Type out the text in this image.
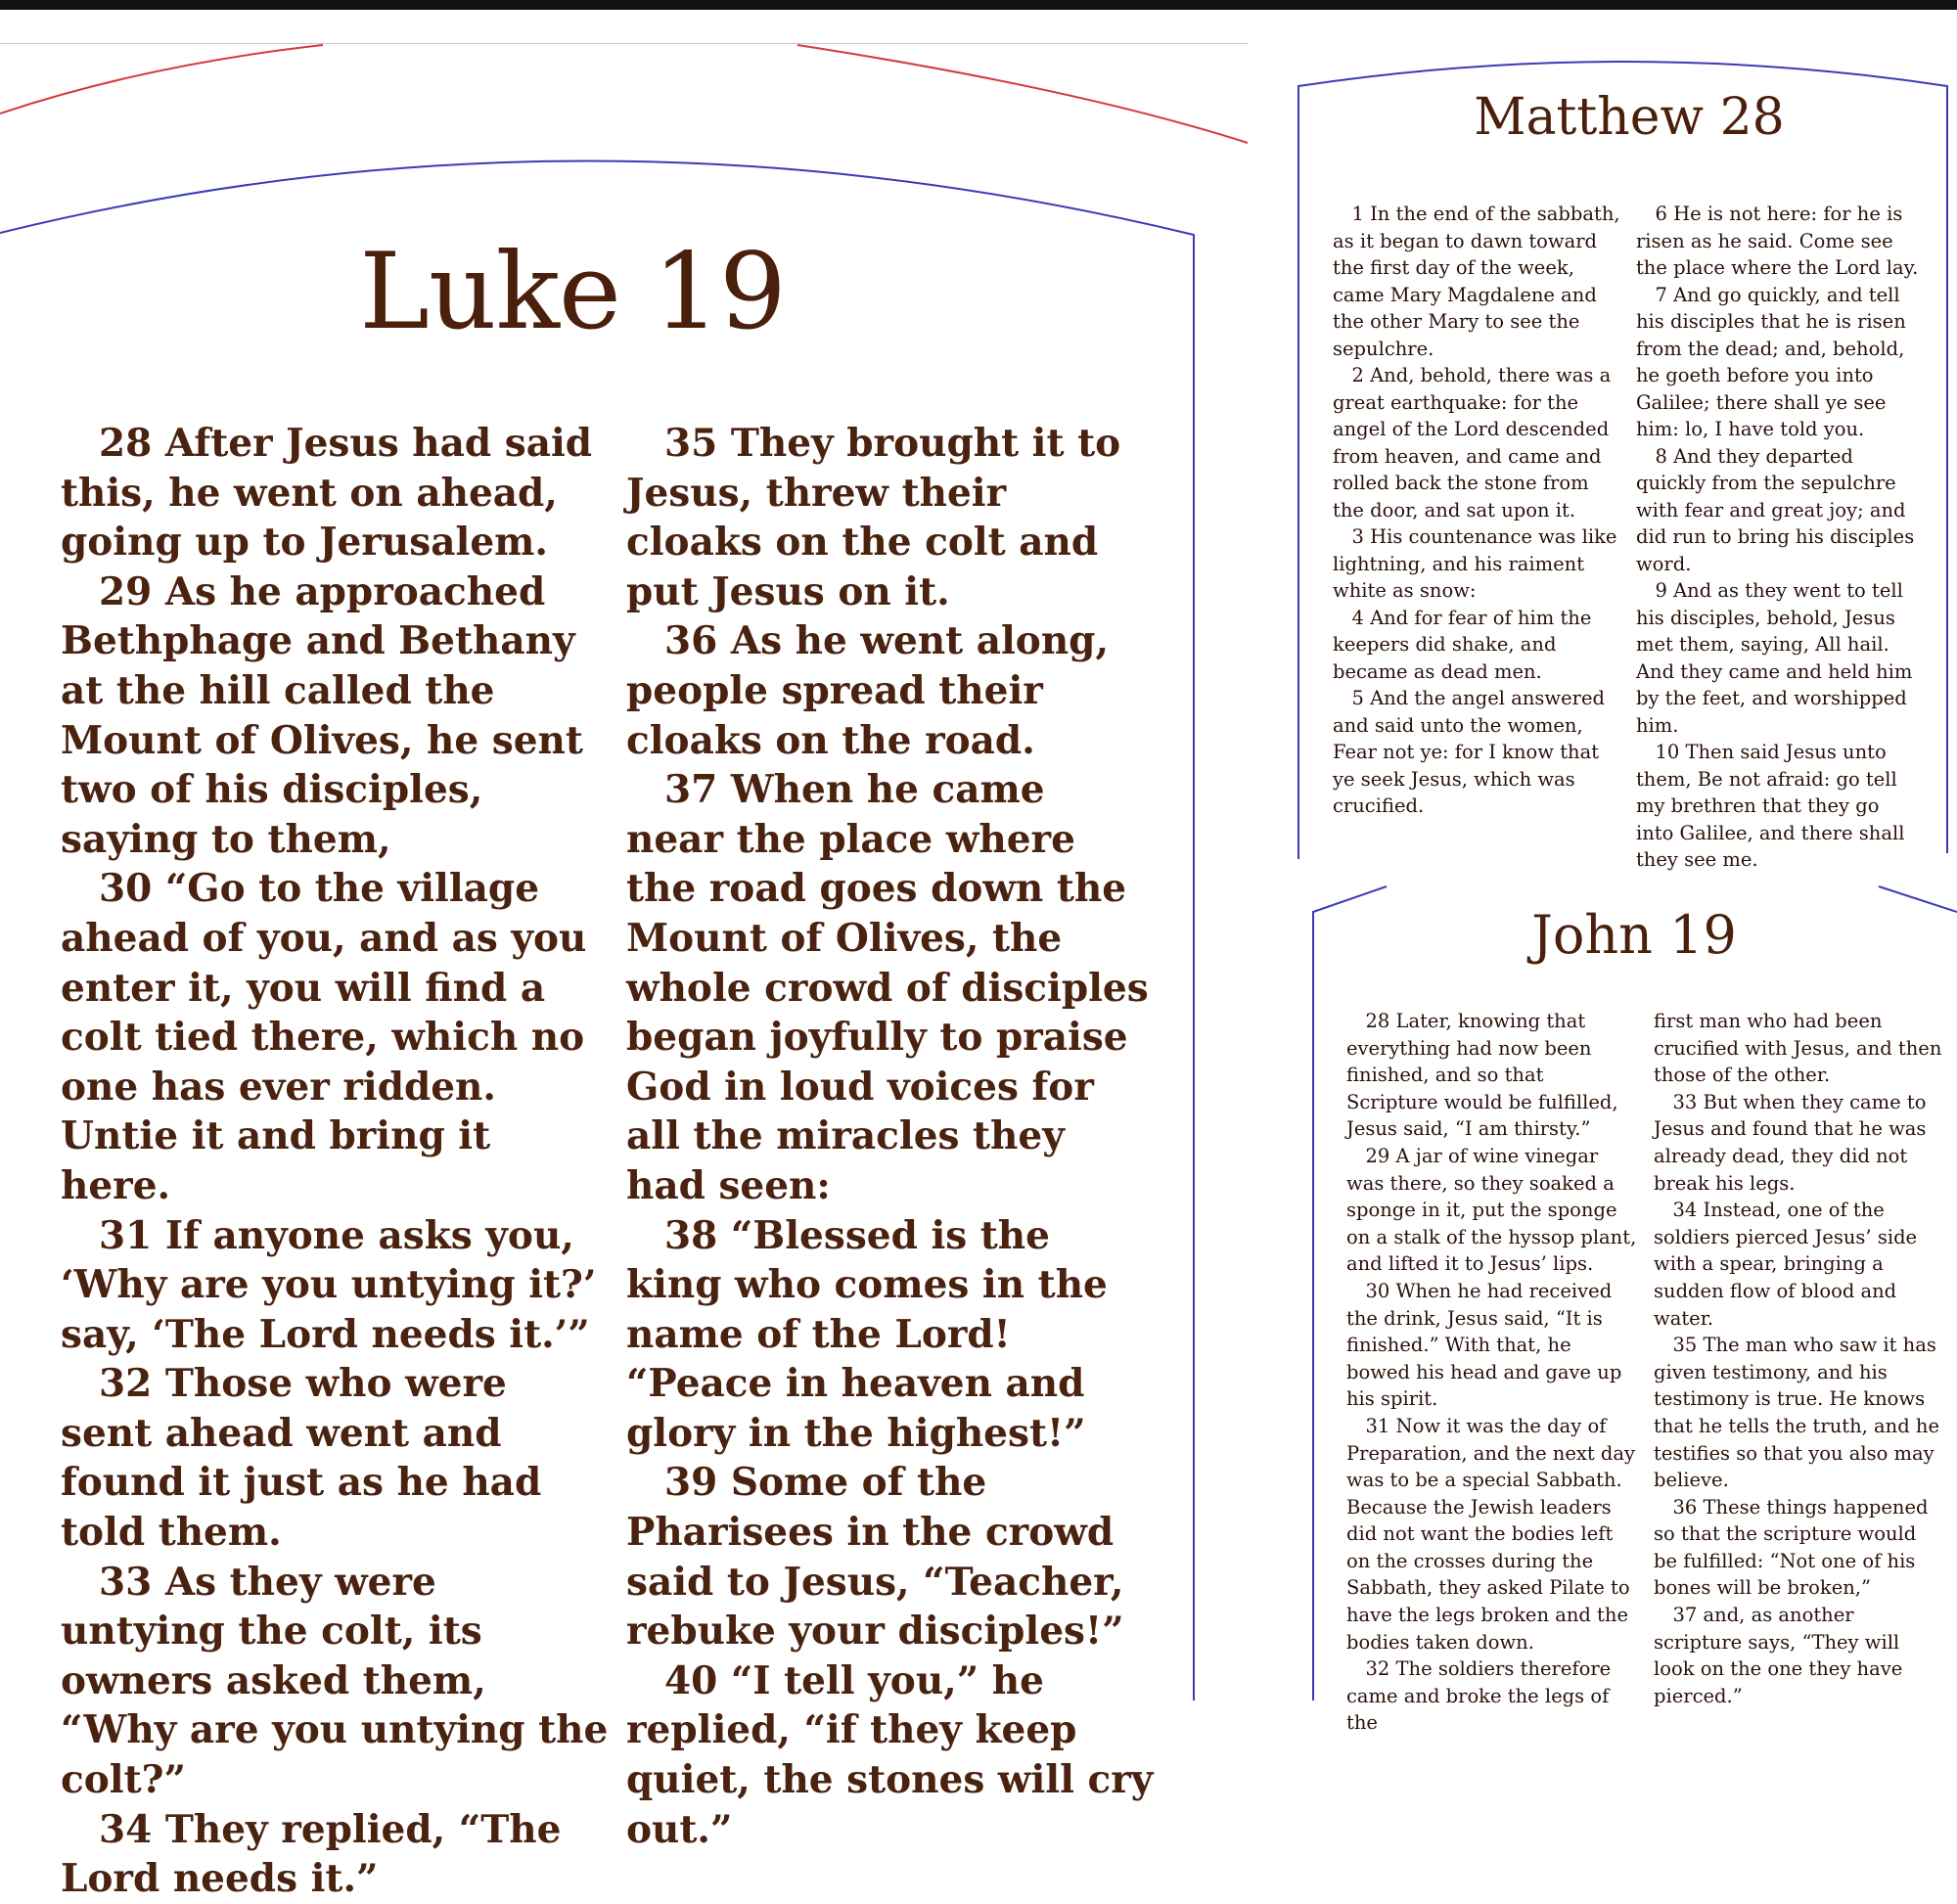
Luke 19

28 After Jesus had said this, he went on ahead, going up to Jerusalem.

29 As he approached Bethphage and Bethany at the hill called the Mount of Olives, he sent two of his disciples, saying to them,

30 “Go to the village ahead of you, and as you enter it, you will find a colt tied there, which no one has ever ridden. Untie it and bring it here.

31 If anyone asks you, ‘Why are you untying it?’ say, ‘The Lord needs it.’”

32 Those who were sent ahead went and found it just as he had told them.

33 As they were untying the colt, its owners asked them, “Why are you untying the colt?”

34 They replied, “The Lord needs it.”

35 They brought it to Jesus, threw their cloaks on the colt and put Jesus on it.

36 As he went along, people spread their cloaks on the road.

37 When he came near the place where the road goes down the Mount of Olives, the whole crowd of disciples began joyfully to praise God in loud voices for all the miracles they had seen:

38 “Blessed is the king who comes in the name of the Lord! “Peace in heaven and glory in the highest!”

39 Some of the Pharisees in the crowd said to Jesus, “Teacher, rebuke your disciples!”

40 “I tell you,” he replied, “if they keep quiet, the stones will cry out.”

Matthew 28

1 In the end of the sabbath, as it began to dawn toward the first day of the week, came Mary Magdalene and the other Mary to see the sepulchre.

2 And, behold, there was a great earthquake: for the angel of the Lord descended from heaven, and came and rolled back the stone from the door, and sat upon it.

3 His countenance was like lightning, and his raiment white as snow:

4 And for fear of him the keepers did shake, and became as dead men.

5 And the angel answered and said unto the women, Fear not ye: for I know that ye seek Jesus, which was crucified.

6 He is not here: for he is risen as he said. Come see the place where the Lord lay.

7 And go quickly, and tell his disciples that he is risen from the dead; and, behold, he goeth before you into Galilee; there shall ye see him: lo, I have told you.

8 And they departed quickly from the sepulchre with fear and great joy; and did run to bring his disciples word.

9 And as they went to tell his disciples, behold, Jesus met them, saying, All hail. And they came and held him by the feet, and worshipped him.

10 Then said Jesus unto them, Be not afraid: go tell my brethren that they go into Galilee, and there shall they see me.

John 19

28 Later, knowing that everything had now been finished, and so that Scripture would be fulfilled, Jesus said, “I am thirsty.”

29 A jar of wine vinegar was there, so they soaked a sponge in it, put the sponge on a stalk of the hyssop plant, and lifted it to Jesus’ lips.

30 When he had received the drink, Jesus said, “It is finished.” With that, he bowed his head and gave up his spirit.

31 Now it was the day of Preparation, and the next day was to be a special Sabbath. Because the Jewish leaders did not want the bodies left on the crosses during the Sabbath, they asked Pilate to have the legs broken and the bodies taken down.

32 The soldiers therefore came and broke the legs of the

first man who had been crucified with Jesus, and then those of the other.

33 But when they came to Jesus and found that he was already dead, they did not break his legs.

34 Instead, one of the soldiers pierced Jesus’ side with a spear, bringing a sudden flow of blood and water.

35 The man who saw it has given testimony, and his testimony is true. He knows that he tells the truth, and he testifies so that you also may believe.

36 These things happened so that the scripture would be fulfilled: “Not one of his bones will be broken,”

37 and, as another scripture says, “They will look on the one they have pierced.”
